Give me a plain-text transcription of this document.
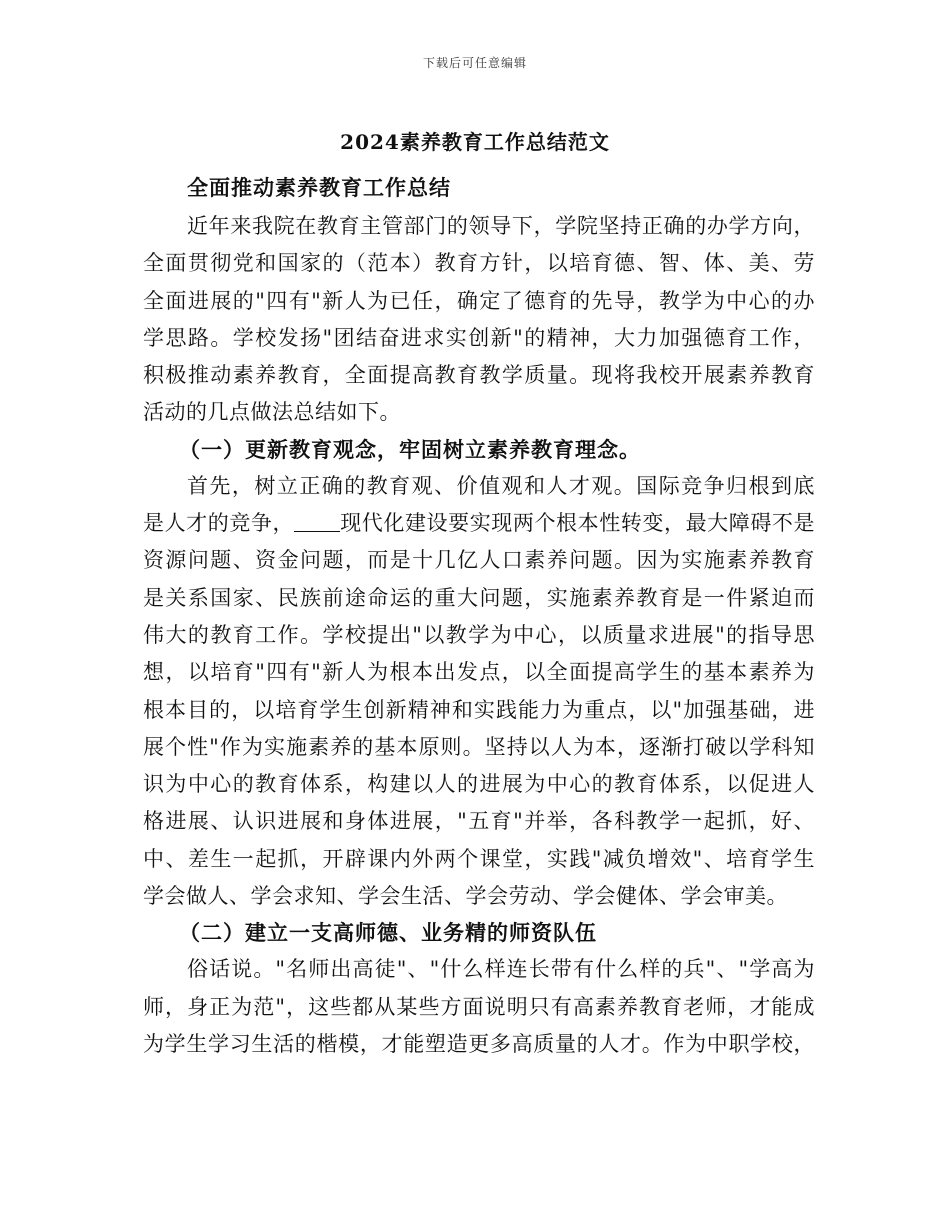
下载后可任意编辑
2024素养教育工作总结范文
全面推动素养教育工作总结
近年来我院在教育主管部门的领导下，学院坚持正确的办学方向，
全面贯彻党和国家的（范本）教育方针，以培育德、智、体、美、劳
全面进展的"四有"新人为已任，确定了德育的先导，教学为中心的办
学思路。学校发扬"团结奋进求实创新"的精神，大力加强德育工作，
积极推动素养教育，全面提高教育教学质量。现将我校开展素养教育
活动的几点做法总结如下。
（一）更新教育观念，牢固树立素养教育理念。
首先，树立正确的教育观、价值观和人才观。国际竞争归根到底
是人才的竞争， 现代化建设要实现两个根本性转变，最大障碍不是
资源问题、资金问题，而是十几亿人口素养问题。因为实施素养教育
是关系国家、民族前途命运的重大问题，实施素养教育是一件紧迫而
伟大的教育工作。学校提出"以教学为中心，以质量求进展"的指导思
想，以培育"四有"新人为根本出发点，以全面提高学生的基本素养为
根本目的，以培育学生创新精神和实践能力为重点，以"加强基础，进
展个性"作为实施素养的基本原则。坚持以人为本，逐渐打破以学科知
识为中心的教育体系，构建以人的进展为中心的教育体系，以促进人
格进展、认识进展和身体进展，"五育"并举，各科教学一起抓，好、
中、差生一起抓，开辟课内外两个课堂，实践"减负增效"、培育学生
学会做人、学会求知、学会生活、学会劳动、学会健体、学会审美。
（二）建立一支高师德、业务精的师资队伍
俗话说。"名师出高徒"、"什么样连长带有什么样的兵"、"学高为
师，身正为范"，这些都从某些方面说明只有高素养教育老师，才能成
为学生学习生活的楷模，才能塑造更多高质量的人才。作为中职学校，
